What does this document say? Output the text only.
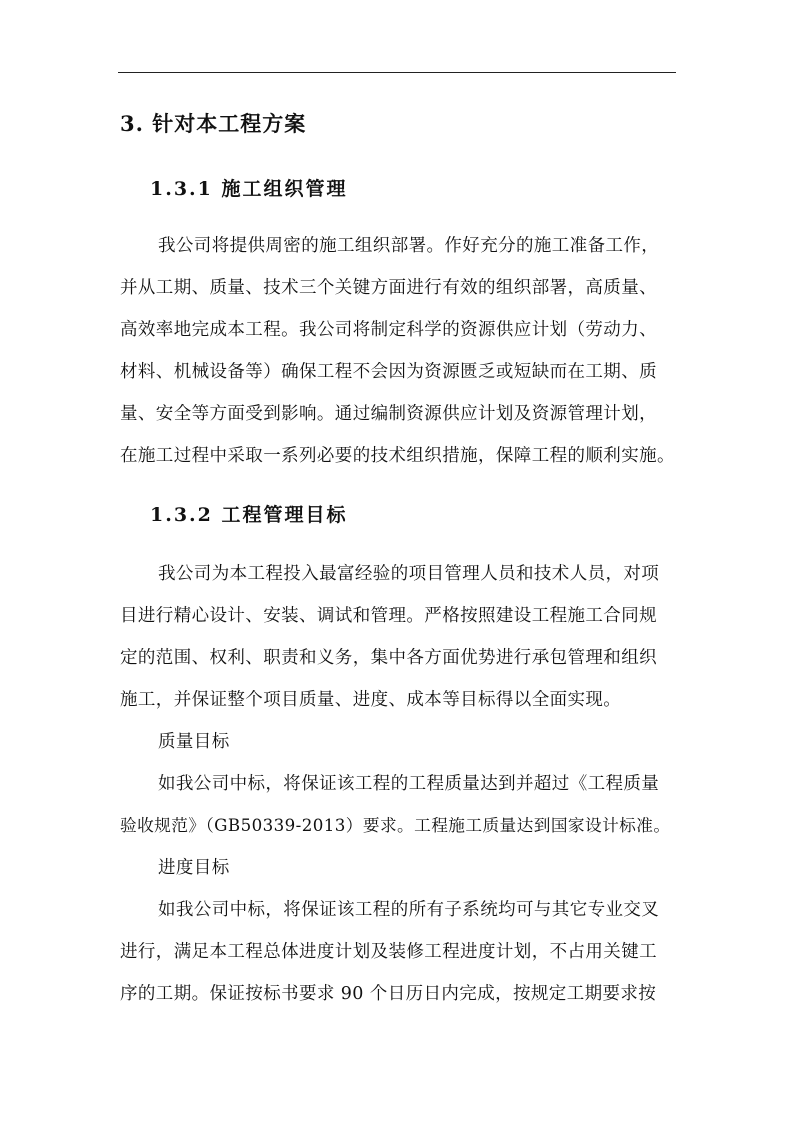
3. 针对本工程方案
1.3.1 施工组织管理
我公司将提供周密的施工组织部署。作好充分的施工准备工作，
并从工期、质量、技术三个关键方面进行有效的组织部署，高质量、
高效率地完成本工程。我公司将制定科学的资源供应计划（劳动力、
材料、机械设备等）确保工程不会因为资源匮乏或短缺而在工期、质
量、安全等方面受到影响。通过编制资源供应计划及资源管理计划，
在施工过程中采取一系列必要的技术组织措施，保障工程的顺利实施。
1.3.2 工程管理目标
我公司为本工程投入最富经验的项目管理人员和技术人员，对项
目进行精心设计、安装、调试和管理。严格按照建设工程施工合同规
定的范围、权利、职责和义务，集中各方面优势进行承包管理和组织
施工，并保证整个项目质量、进度、成本等目标得以全面实现。
质量目标
如我公司中标，将保证该工程的工程质量达到并超过《工程质量
验收规范》（GB50339-2013）要求。工程施工质量达到国家设计标准。
进度目标
如我公司中标，将保证该工程的所有子系统均可与其它专业交叉
进行，满足本工程总体进度计划及装修工程进度计划，不占用关键工
序的工期。保证按标书要求 90 个日历日内完成，按规定工期要求按
